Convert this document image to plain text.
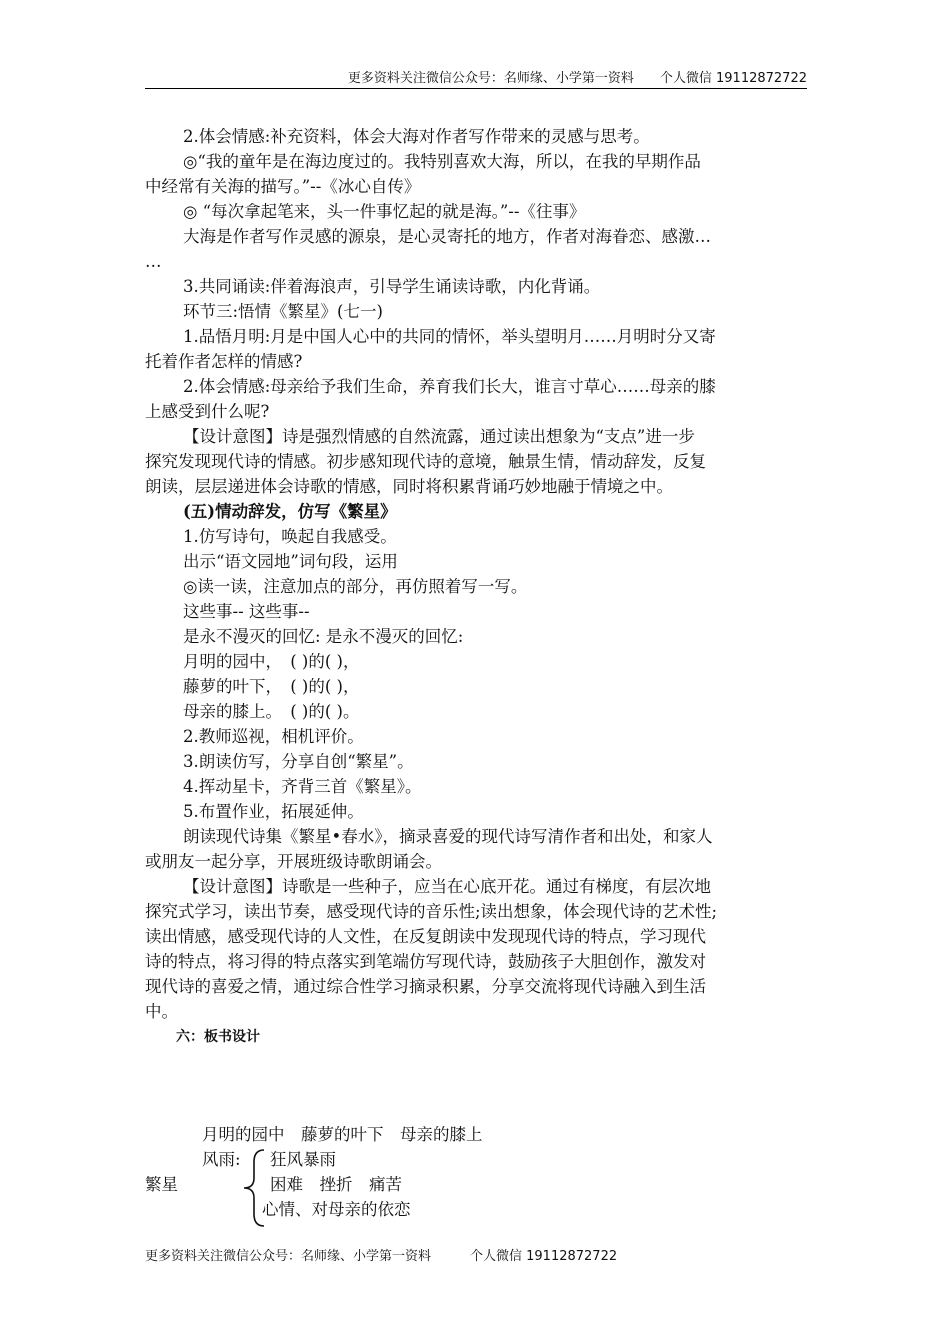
更多资料关注微信公众号：名师缘、小学第一资料　　个人微信 19112872722
2.体会情感:补充资料，体会大海对作者写作带来的灵感与思考。
◎“我的童年是在海边度过的。我特别喜欢大海，所以，在我的早期作品
中经常有关海的描写。”--《冰心自传》
◎ “每次拿起笔来，头一件事忆起的就是海。”--《往事》
大海是作者写作灵感的源泉，是心灵寄托的地方，作者对海眷恋、感激…
…
3.共同诵读:伴着海浪声，引导学生诵读诗歌，内化背诵。
环节三:悟情《繁星》(七一)
1.品悟月明:月是中国人心中的共同的情怀，举头望明月……月明时分又寄
托着作者怎样的情感?
2.体会情感:母亲给予我们生命，养育我们长大，谁言寸草心……母亲的膝
上感受到什么呢?
【设计意图】诗是强烈情感的自然流露，通过读出想象为“支点”进一步
探究发现现代诗的情感。初步感知现代诗的意境，触景生情，情动辞发，反复
朗读，层层递进体会诗歌的情感，同时将积累背诵巧妙地融于情境之中。
(五)情动辞发，仿写《繁星》
1.仿写诗句，唤起自我感受。
出示“语文园地”词句段，运用
◎读一读，注意加点的部分，再仿照着写一写。
这些事-- 这些事--
是永不漫灭的回忆: 是永不漫灭的回忆:
月明的园中，　( )的( )，
藤萝的叶下，　( )的( )，
母亲的膝上。　( )的( )。
2.教师巡视，相机评价。
3.朗读仿写，分享自创“繁星”。
4.挥动星卡，齐背三首《繁星》。
5.布置作业，拓展延伸。
朗读现代诗集《繁星•春水》，摘录喜爱的现代诗写清作者和出处，和家人
或朋友一起分享，开展班级诗歌朗诵会。
【设计意图】诗歌是一些种子，应当在心底开花。通过有梯度，有层次地
探究式学习，读出节奏，感受现代诗的音乐性;读出想象，体会现代诗的艺术性;
读出情感，感受现代诗的人文性，在反复朗读中发现现代诗的特点，学习现代
诗的特点，将习得的特点落实到笔端仿写现代诗，鼓励孩子大胆创作，激发对
现代诗的喜爱之情，通过综合性学习摘录积累，分享交流将现代诗融入到生活
中。
六：板书设计
月明的园中　藤萝的叶下　母亲的膝上
风雨: 狂风暴雨
繁星	困难　挫折　痛苦
心情、对母亲的依恋
更多资料关注微信公众号：名师缘、小学第一资料　　　个人微信 19112872722
